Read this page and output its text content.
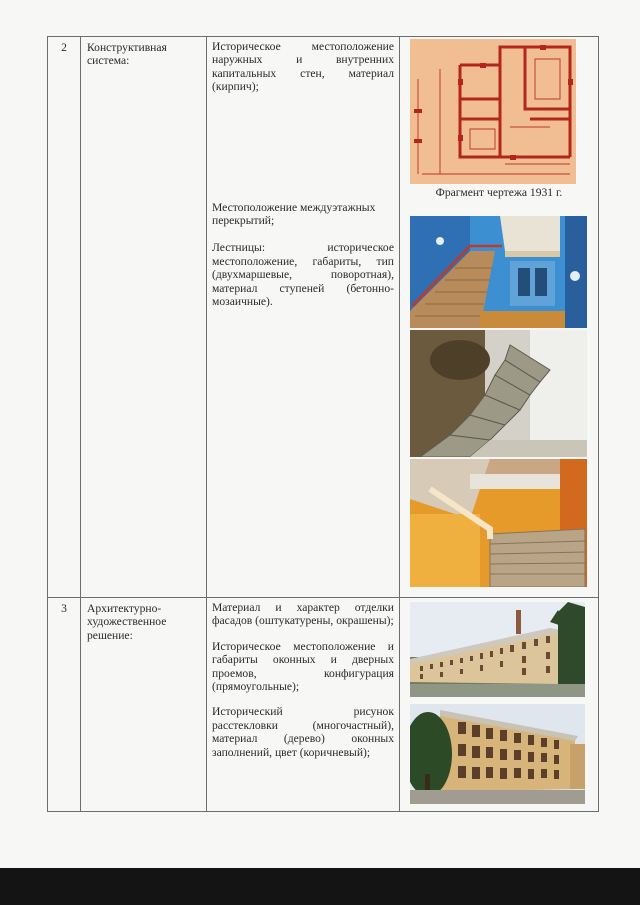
2	Конструктивная система:	Историческое местоположение наружных и внутренних капитальных стен, материал (кирпич);

Местоположение междуэтажных перекрытий;

Лестницы: историческое местоположение, габариты, тип (двухмаршевые, поворотная), материал ступеней (бетонно-мозаичные).	Фрагмент чертежа 1931 г.

3	Архитектурно-художественное решение:	Материал и характер отделки фасадов (оштукатурены, окрашены);

Историческое местоположение и габариты оконных и дверных проемов, конфигурация (прямоугольные);

Исторический рисунок расстекловки (многочастный), материал (дерево) оконных заполнений, цвет (коричневый);
